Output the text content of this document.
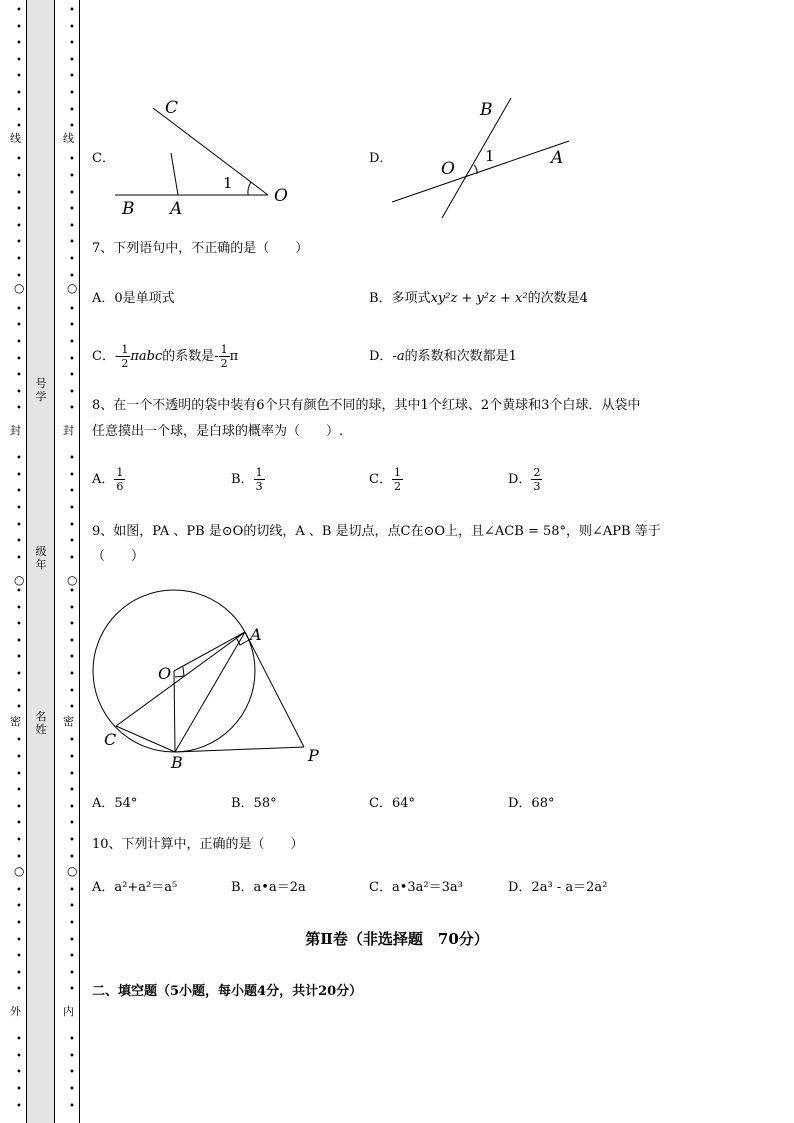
•
•
•
•
•
•
•
•
•
•
•
•
•
•
•
•
•
•
•
•
•
•
•
•
•
•
•
•
•
•
•
•
•
•
•
•
•
•
•
•
•
•
•
•
•
•
•
•
•
•
•
•
•
•
•
•
•
•
○
○
○
•
•
•
•
•
•
•
•
•
•
•
•
•
•
•
•
•
•
•
•
•
•
•
•
•
•
•
•
•
•
•
•
•
•
•
•
•
•
•
•
•
•
•
•
•
•
•
•
•
•
•
•
•
•
•
•
•
•
○
○
○
线
封
密
外
线
封
密
内
号学
级年
名姓
C．
C
1
O
B A
D．
B
O
1	A
7、下列语句中，不正确的是（　　）
A．0是单项式	B．多项式xy²z + y²z + x²的次数是4
C．- $\frac{1}{2}$ πabc的系数是- $\frac{1}{2}$ π	D．-a的系数和次数都是1
8、在一个不透明的袋中装有6个只有颜色不同的球，其中1个红球、2个黄球和3个白球．从袋中
任意摸出一个球，是白球的概率为（　　）.
A． $\frac{1}{6}$	B． $\frac{1}{3}$	C． $\frac{1}{2}$	D． $\frac{2}{3}$
9、如图，PA 、PB 是⊙O的切线，A 、B 是切点，点C在⊙O上，且∠ACB = 58°，则∠APB 等于
（　　）
A
O
C
B	P
A．54°	B．58°	C．64°	D．68°
10、下列计算中，正确的是（　　）
A．a²+a²＝a⁵	B．a•a＝2a	C．a•3a²＝3a³	D．2a³ - a＝2a²
第Ⅱ卷（非选择题　70分）
二、填空题（5小题，每小题4分，共计20分）
